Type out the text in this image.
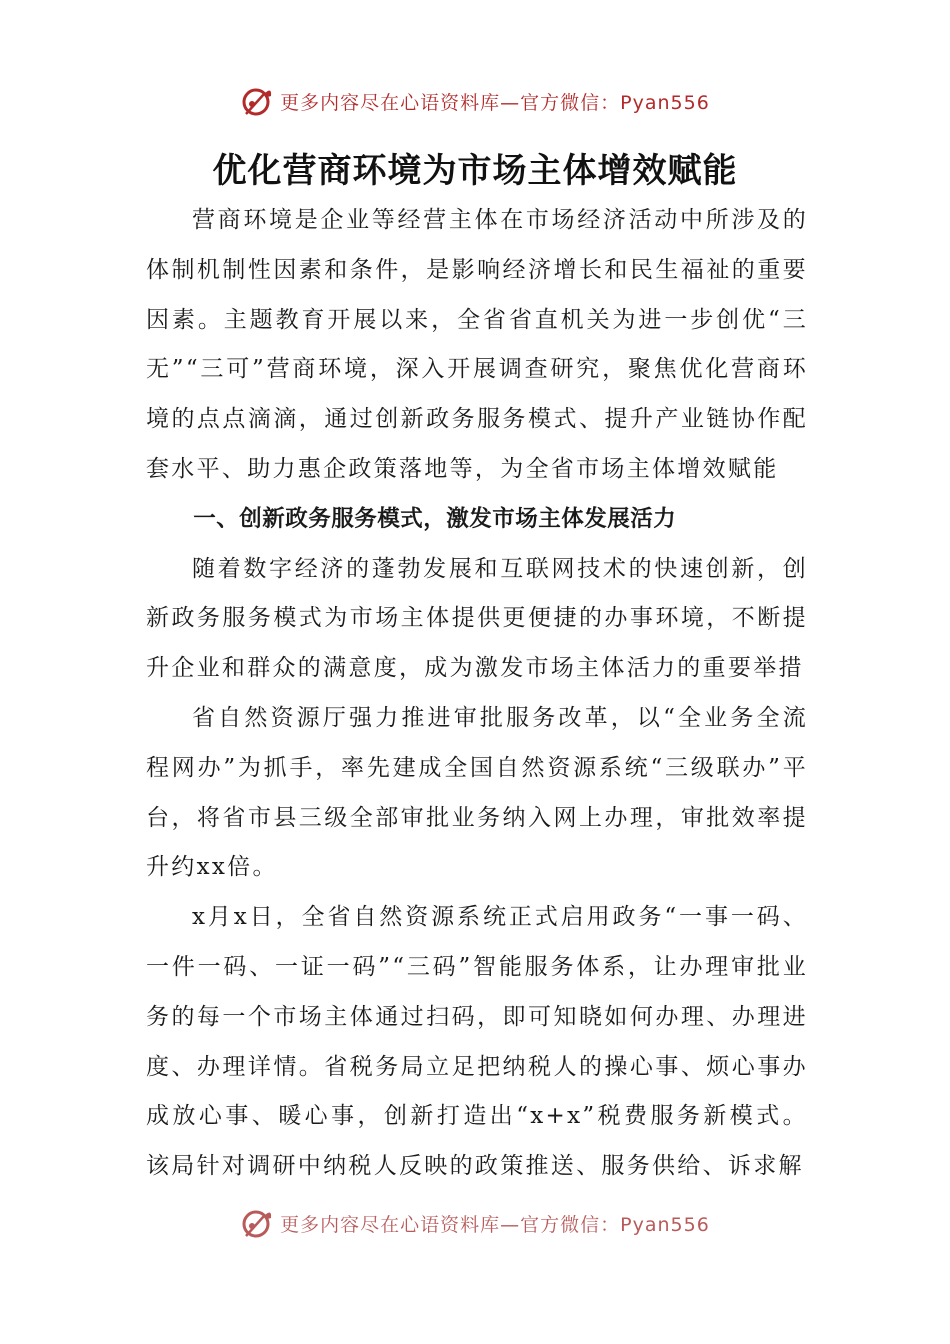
更多内容尽在心语资料库—官方微信：Pyan556
优化营商环境为市场主体增效赋能

营商环境是企业等经营主体在市场经济活动中所涉及的体制机制性因素和条件，是影响经济增长和民生福祉的重要因素。主题教育开展以来，全省省直机关为进一步创优“三无”“三可”营商环境，深入开展调查研究，聚焦优化营商环境的点点滴滴，通过创新政务服务模式、提升产业链协作配套水平、助力惠企政策落地等，为全省市场主体增效赋能

一、创新政务服务模式，激发市场主体发展活力

随着数字经济的蓬勃发展和互联网技术的快速创新，创新政务服务模式为市场主体提供更便捷的办事环境，不断提升企业和群众的满意度，成为激发市场主体活力的重要举措

省自然资源厅强力推进审批服务改革，以“全业务全流程网办”为抓手，率先建成全国自然资源系统“三级联办”平台，将省市县三级全部审批业务纳入网上办理，审批效率提升约xx倍。

x月x日，全省自然资源系统正式启用政务“一事一码、一件一码、一证一码”“三码”智能服务体系，让办理审批业务的每一个市场主体通过扫码，即可知晓如何办理、办理进度、办理详情。省税务局立足把纳税人的操心事、烦心事办成放心事、暖心事，创新打造出“x+x”税费服务新模式。该局针对调研中纳税人反映的政策推送、服务供给、诉求解

更多内容尽在心语资料库—官方微信：Pyan556
